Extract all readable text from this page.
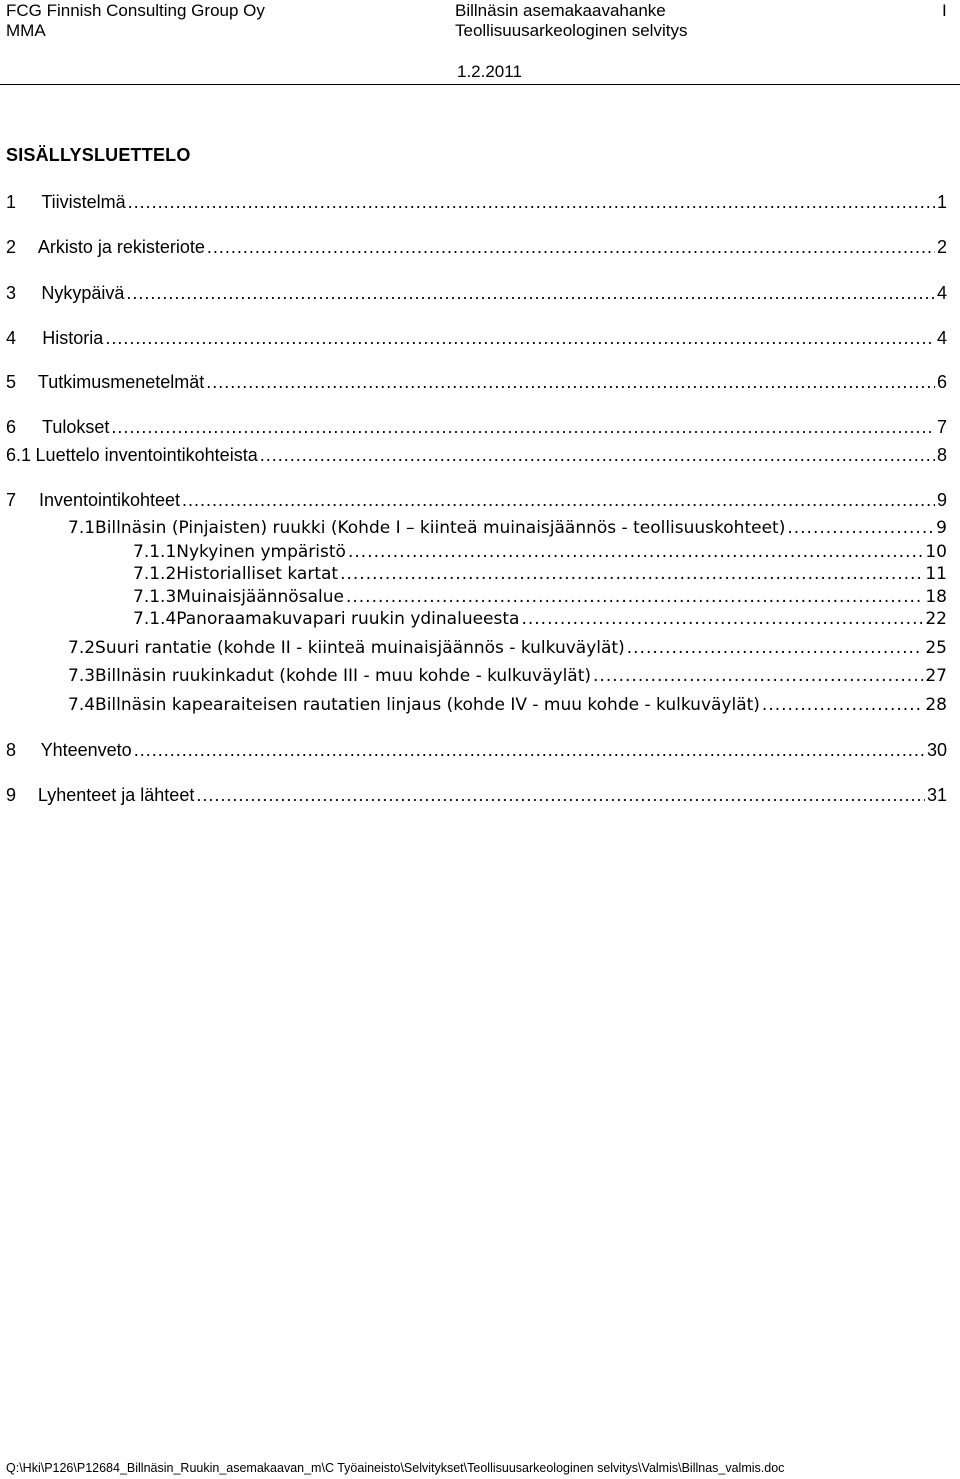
FCG Finnish Consulting Group Oy
MMA
Billnäsin asemakaavahanke
Teollisuusarkeologinen selvitys
I
1.2.2011
SISÄLLYSLUETTELO
1	Tiivistelmä .....	1
2	Arkisto ja rekisteriote .....	2
3	Nykypäivä .....	4
4	Historia .....	4
5	Tutkimusmenetelmät .....	6
6	Tulokset .....	7
6.1 Luettelo inventointikohteista .....	8
7	Inventointikohteet .....	9
7.1 Billnäsin (Pinjaisten) ruukki (Kohde I – kiinteä muinaisjäännös - teollisuuskohteet) .....	9
7.1.1 Nykyinen ympäristö .....	10
7.1.2 Historialliset kartat .....	11
7.1.3 Muinaisjäännösalue .....	18
7.1.4 Panoraamakuvapari ruukin ydinalueesta .....	22
7.2 Suuri rantatie (kohde II - kiinteä muinaisjäännös - kulkuväylät) .....	25
7.3 Billnäsin ruukinkadut (kohde III - muu kohde - kulkuväylät) .....	27
7.4 Billnäsin kapearaiteisen rautatien linjaus (kohde IV - muu kohde - kulkuväylät) .....	28
8	Yhteenveto .....	30
9	Lyhenteet ja lähteet .....	31
Q:\Hki\P126\P12684_Billnäsin_Ruukin_asemakaavan_m\C Työaineisto\Selvitykset\Teollisuusarkeologinen selvitys\Valmis\Billnas_valmis.doc
